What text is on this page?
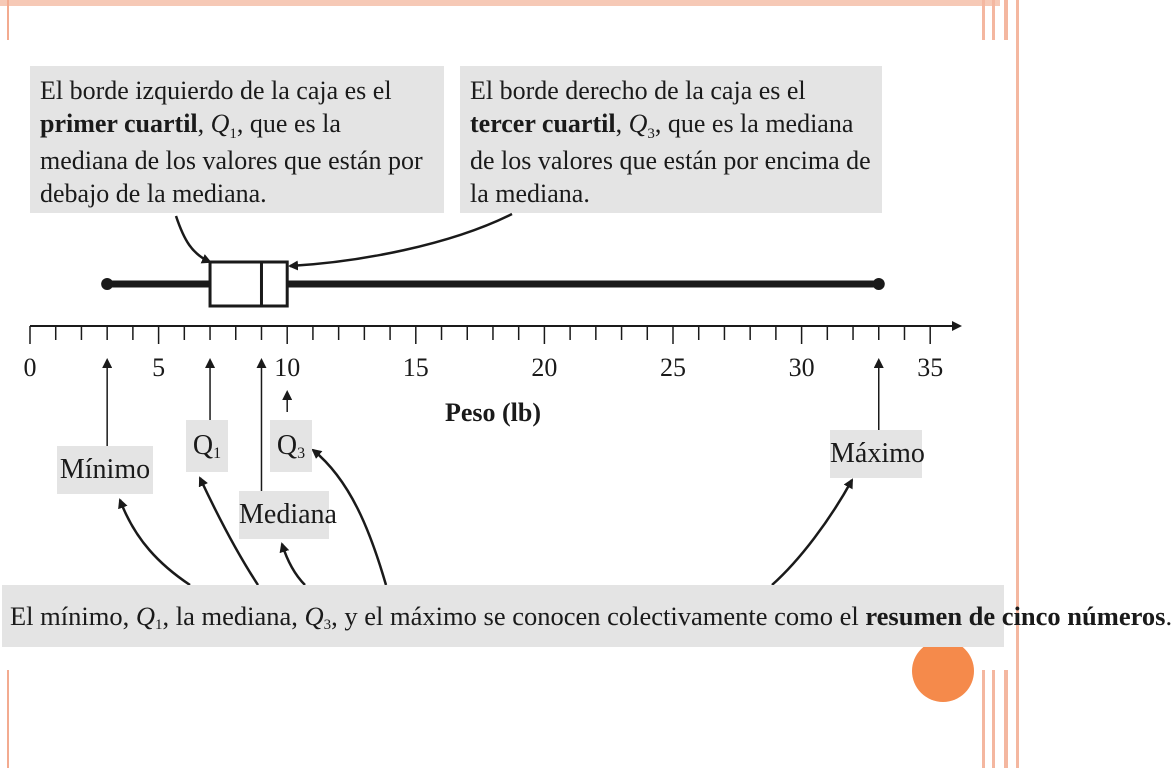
El borde izquierdo de la caja es el primer cuartil, $Q_1$, que es la mediana de los valores que están por debajo de la mediana.
El borde derecho de la caja es el tercer cuartil, $Q_3$, que es la mediana de los valores que están por encima de la mediana.
0	5	10	15	20	25	30	35
Peso (lb)
Mínimo
$Q_1$
Mediana
$Q_3$	Máximo
El mínimo, $Q_1$, la mediana, $Q_3$, y el máximo se conocen colectivamente como el resumen de cinco números.
